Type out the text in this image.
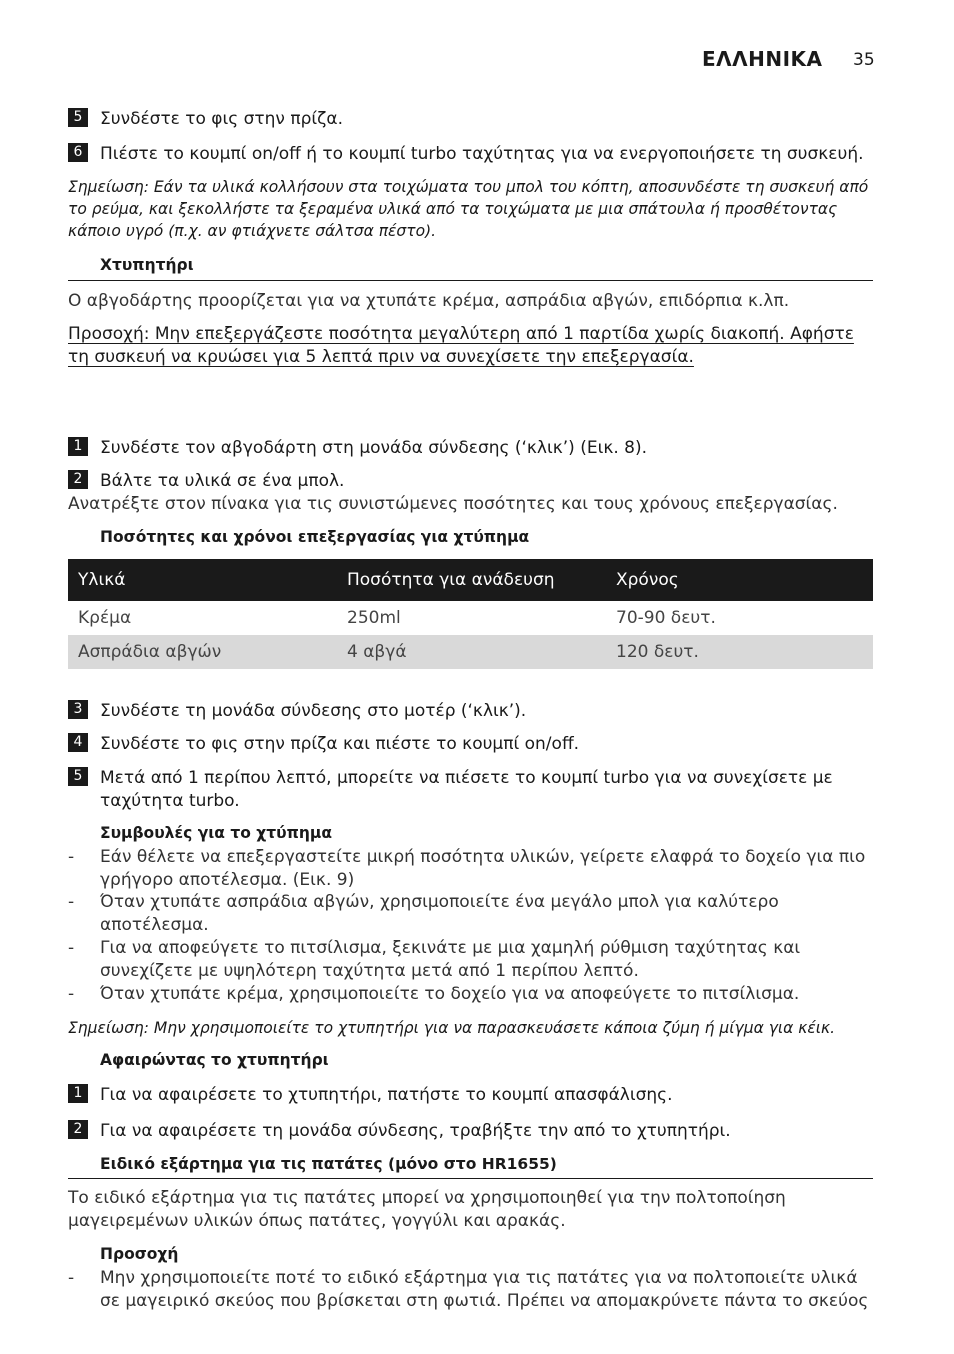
ΕΛΛΗΝΙΚΑ 35
5	Συνδέστε το φις στην πρίζα.
6	Πιέστε το κουμπί on/off ή το κουμπί turbo ταχύτητας για να ενεργοποιήσετε τη συσκευή.
Σημείωση: Εάν τα υλικά κολλήσουν στα τοιχώματα του μπολ του κόπτη, αποσυνδέστε τη συσκευή από το ρεύμα, και ξεκολλήστε τα ξεραμένα υλικά από τα τοιχώματα με μια σπάτουλα ή προσθέτοντας κάποιο υγρό (π.χ. αν φτιάχνετε σάλτσα πέστο).
Χτυπητήρι
Ο αβγοδάρτης προορίζεται για να χτυπάτε κρέμα, ασπράδια αβγών, επιδόρπια κ.λπ.
Προσοχή: Μην επεξεργάζεστε ποσότητα μεγαλύτερη από 1 παρτίδα χωρίς διακοπή. Αφήστε τη συσκευή να κρυώσει για 5 λεπτά πριν να συνεχίσετε την επεξεργασία.
1	Συνδέστε τον αβγοδάρτη στη μονάδα σύνδεσης (‘κλικ’) (Εικ. 8).
2	Βάλτε τα υλικά σε ένα μπολ.
Ανατρέξτε στον πίνακα για τις συνιστώμενες ποσότητες και τους χρόνους επεξεργασίας.
Ποσότητες και χρόνοι επεξεργασίας για χτύπημα
Υλικά	Ποσότητα για ανάδευση	Χρόνος
Κρέμα	250ml	70-90 δευτ.
Ασπράδια αβγών	4 αβγά	120 δευτ.
3	Συνδέστε τη μονάδα σύνδεσης στο μοτέρ (‘κλικ’).
4	Συνδέστε το φις στην πρίζα και πιέστε το κουμπί on/off.
5	Μετά από 1 περίπου λεπτό, μπορείτε να πιέσετε το κουμπί turbo για να συνεχίσετε με ταχύτητα turbo.
Συμβουλές για το χτύπημα
-	Εάν θέλετε να επεξεργαστείτε μικρή ποσότητα υλικών, γείρετε ελαφρά το δοχείο για πιο γρήγορο αποτέλεσμα. (Εικ. 9)
-	Όταν χτυπάτε ασπράδια αβγών, χρησιμοποιείτε ένα μεγάλο μπολ για καλύτερο αποτέλεσμα.
-	Για να αποφεύγετε το πιτσίλισμα, ξεκινάτε με μια χαμηλή ρύθμιση ταχύτητας και συνεχίζετε με υψηλότερη ταχύτητα μετά από 1 περίπου λεπτό.
-	Όταν χτυπάτε κρέμα, χρησιμοποιείτε το δοχείο για να αποφεύγετε το πιτσίλισμα.
Σημείωση: Μην χρησιμοποιείτε το χτυπητήρι για να παρασκευάσετε κάποια ζύμη ή μίγμα για κέικ.
Αφαιρώντας το χτυπητήρι
1	Για να αφαιρέσετε το χτυπητήρι, πατήστε το κουμπί απασφάλισης.
2	Για να αφαιρέσετε τη μονάδα σύνδεσης, τραβήξτε την από το χτυπητήρι.
Ειδικό εξάρτημα για τις πατάτες (μόνο στο HR1655)
Το ειδικό εξάρτημα για τις πατάτες μπορεί να χρησιμοποιηθεί για την πολτοποίηση μαγειρεμένων υλικών όπως πατάτες, γογγύλι και αρακάς.
Προσοχή
-	Μην χρησιμοποιείτε ποτέ το ειδικό εξάρτημα για τις πατάτες για να πολτοποιείτε υλικά σε μαγειρικό σκεύος που βρίσκεται στη φωτιά. Πρέπει να απομακρύνετε πάντα το σκεύος
